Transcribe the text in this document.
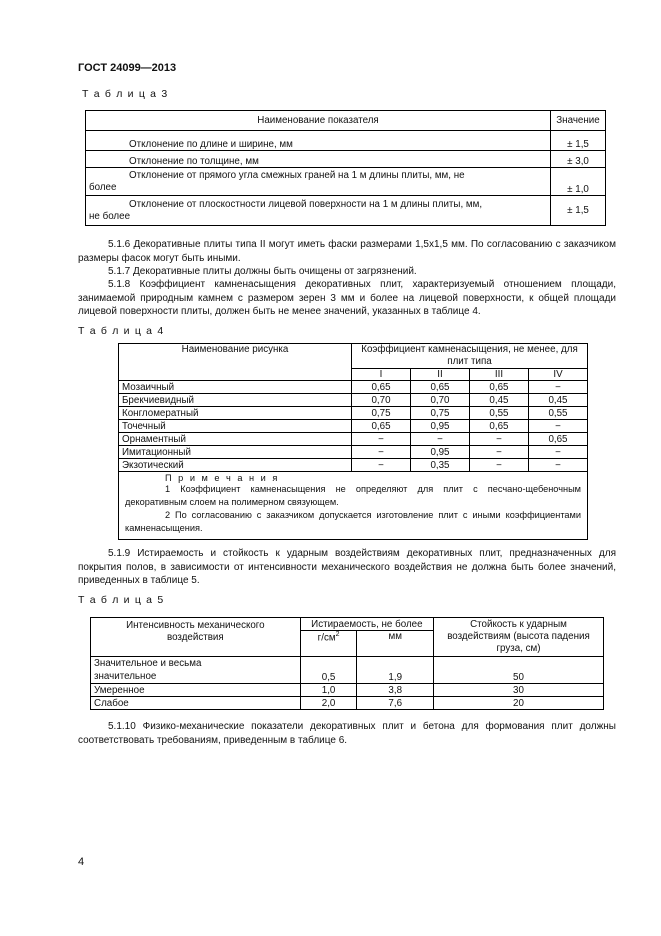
ГОСТ 24099—2013
Т а б л и ц а 3
Наименование показателя	Значение
Отклонение по длине и ширине, мм	± 1,5
Отклонение по толщине, мм	± 3,0
Отклонение от прямого угла смежных граней на 1 м длины плиты, мм, не более	± 1,0
Отклонение от плоскостности лицевой поверхности на 1 м длины плиты, мм, не более	± 1,5

5.1.6 Декоративные плиты типа II могут иметь фаски размерами 1,5x1,5 мм. По согласованию с заказчиком размеры фасок могут быть иными.

5.1.7 Декоративные плиты должны быть очищены от загрязнений.

5.1.8 Коэффициент камненасыщения декоративных плит, характеризуемый отношением площади, занимаемой природным камнем с размером зерен 3 мм и более на лицевой поверхности, к общей площади лицевой поверхности плиты, должен быть не менее значений, указанных в таблице 4.

Т а б л и ц а 4
Наименование рисунка	Коэффициент камненасыщения, не менее, для плит типа			
	I	II	III	IV
Мозаичный	0,65	0,65	0,65	−
Брекчиевидный	0,70	0,70	0,45	0,45
Конгломератный	0,75	0,75	0,55	0,55
Точечный	0,65	0,95	0,65	−
Орнаментный	−	−	−	0,65
Имитационный	−	0,95	−	−
Экзотический	−	0,35	−	−

П р и м е ч а н и я
1 Коэффициент камненасыщения не определяют для плит с песчано-щебеночным декоративным слоем на полимерном связующем.
2 По согласованию с заказчиком допускается изготовление плит с иными коэффициентами камненасыщения.				

5.1.9 Истираемость и стойкость к ударным воздействиям декоративных плит, предназначенных для покрытия полов, в зависимости от интенсивности механического воздействия не должна быть более значений, приведенных в таблице 5.

Т а б л и ц а 5
Интенсивность механического воздействия	Истираемость, не более		Стойкость к ударным воздействиям (высота падения груза, см)
	$г/см^2$	мм	
Значительное и весьма значительное	0,5	1,9	50
Умеренное	1,0	3,8	30
Слабое	2,0	7,6	20

5.1.10 Физико-механические показатели декоративных плит и бетона для формования плит должны соответствовать требованиям, приведенным в таблице 6.

4
